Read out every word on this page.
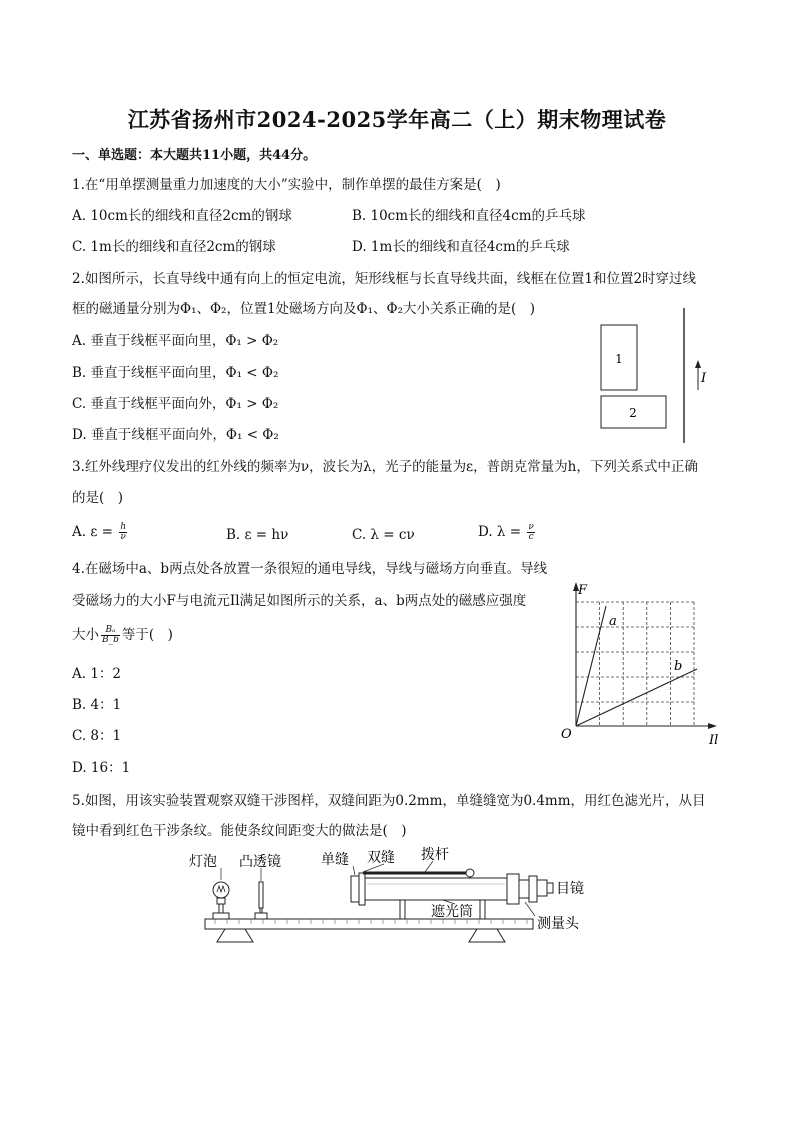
江苏省扬州市2024-2025学年高二（上）期末物理试卷
一、单选题：本大题共11小题，共44分。
1.在“用单摆测量重力加速度的大小”实验中，制作单摆的最佳方案是(　)
A. 10cm长的细线和直径2cm的钢球	B. 10cm长的细线和直径4cm的乒乓球
C. 1m长的细线和直径2cm的钢球	D. 1m长的细线和直径4cm的乒乓球
2.如图所示，长直导线中通有向上的恒定电流，矩形线框与长直导线共面，线框在位置1和位置2时穿过线
框的磁通量分别为Φ₁、Φ₂，位置1处磁场方向及Φ₁、Φ₂大小关系正确的是(　)
A. 垂直于线框平面向里，Φ₁ > Φ₂
B. 垂直于线框平面向里，Φ₁ < Φ₂
C. 垂直于线框平面向外，Φ₁ > Φ₂
D. 垂直于线框平面向外，Φ₁ < Φ₂
1
2
I
3.红外线理疗仪发出的红外线的频率为ν，波长为λ，光子的能量为ε，普朗克常量为h，下列关系式中正确
的是(　)
A. $\varepsilon = \frac{h}{\nu}$	B. ε = hν	C. λ = cν	D. $\lambda = \frac{\nu}{c}$
4.在磁场中a、b两点处各放置一条很短的通电导线，导线与磁场方向垂直。导线
受磁场力的大小F与电流元Il满足如图所示的关系，a、b两点处的磁感应强度
大小 $\frac{\text{Bₐ}}{B\_b}$ 等于(　)
A. 1：2
B. 4：1
C. 8：1
D. 16：1
F
O	Il
a
b
5.如图，用该实验装置观察双缝干涉图样，双缝间距为0.2mm，单缝缝宽为0.4mm，用红色滤光片，从目
镜中看到红色干涉条纹。能使条纹间距变大的做法是(　)
灯泡 凸透镜	单缝 双缝 拨杆
目镜
遮光筒
测量头
